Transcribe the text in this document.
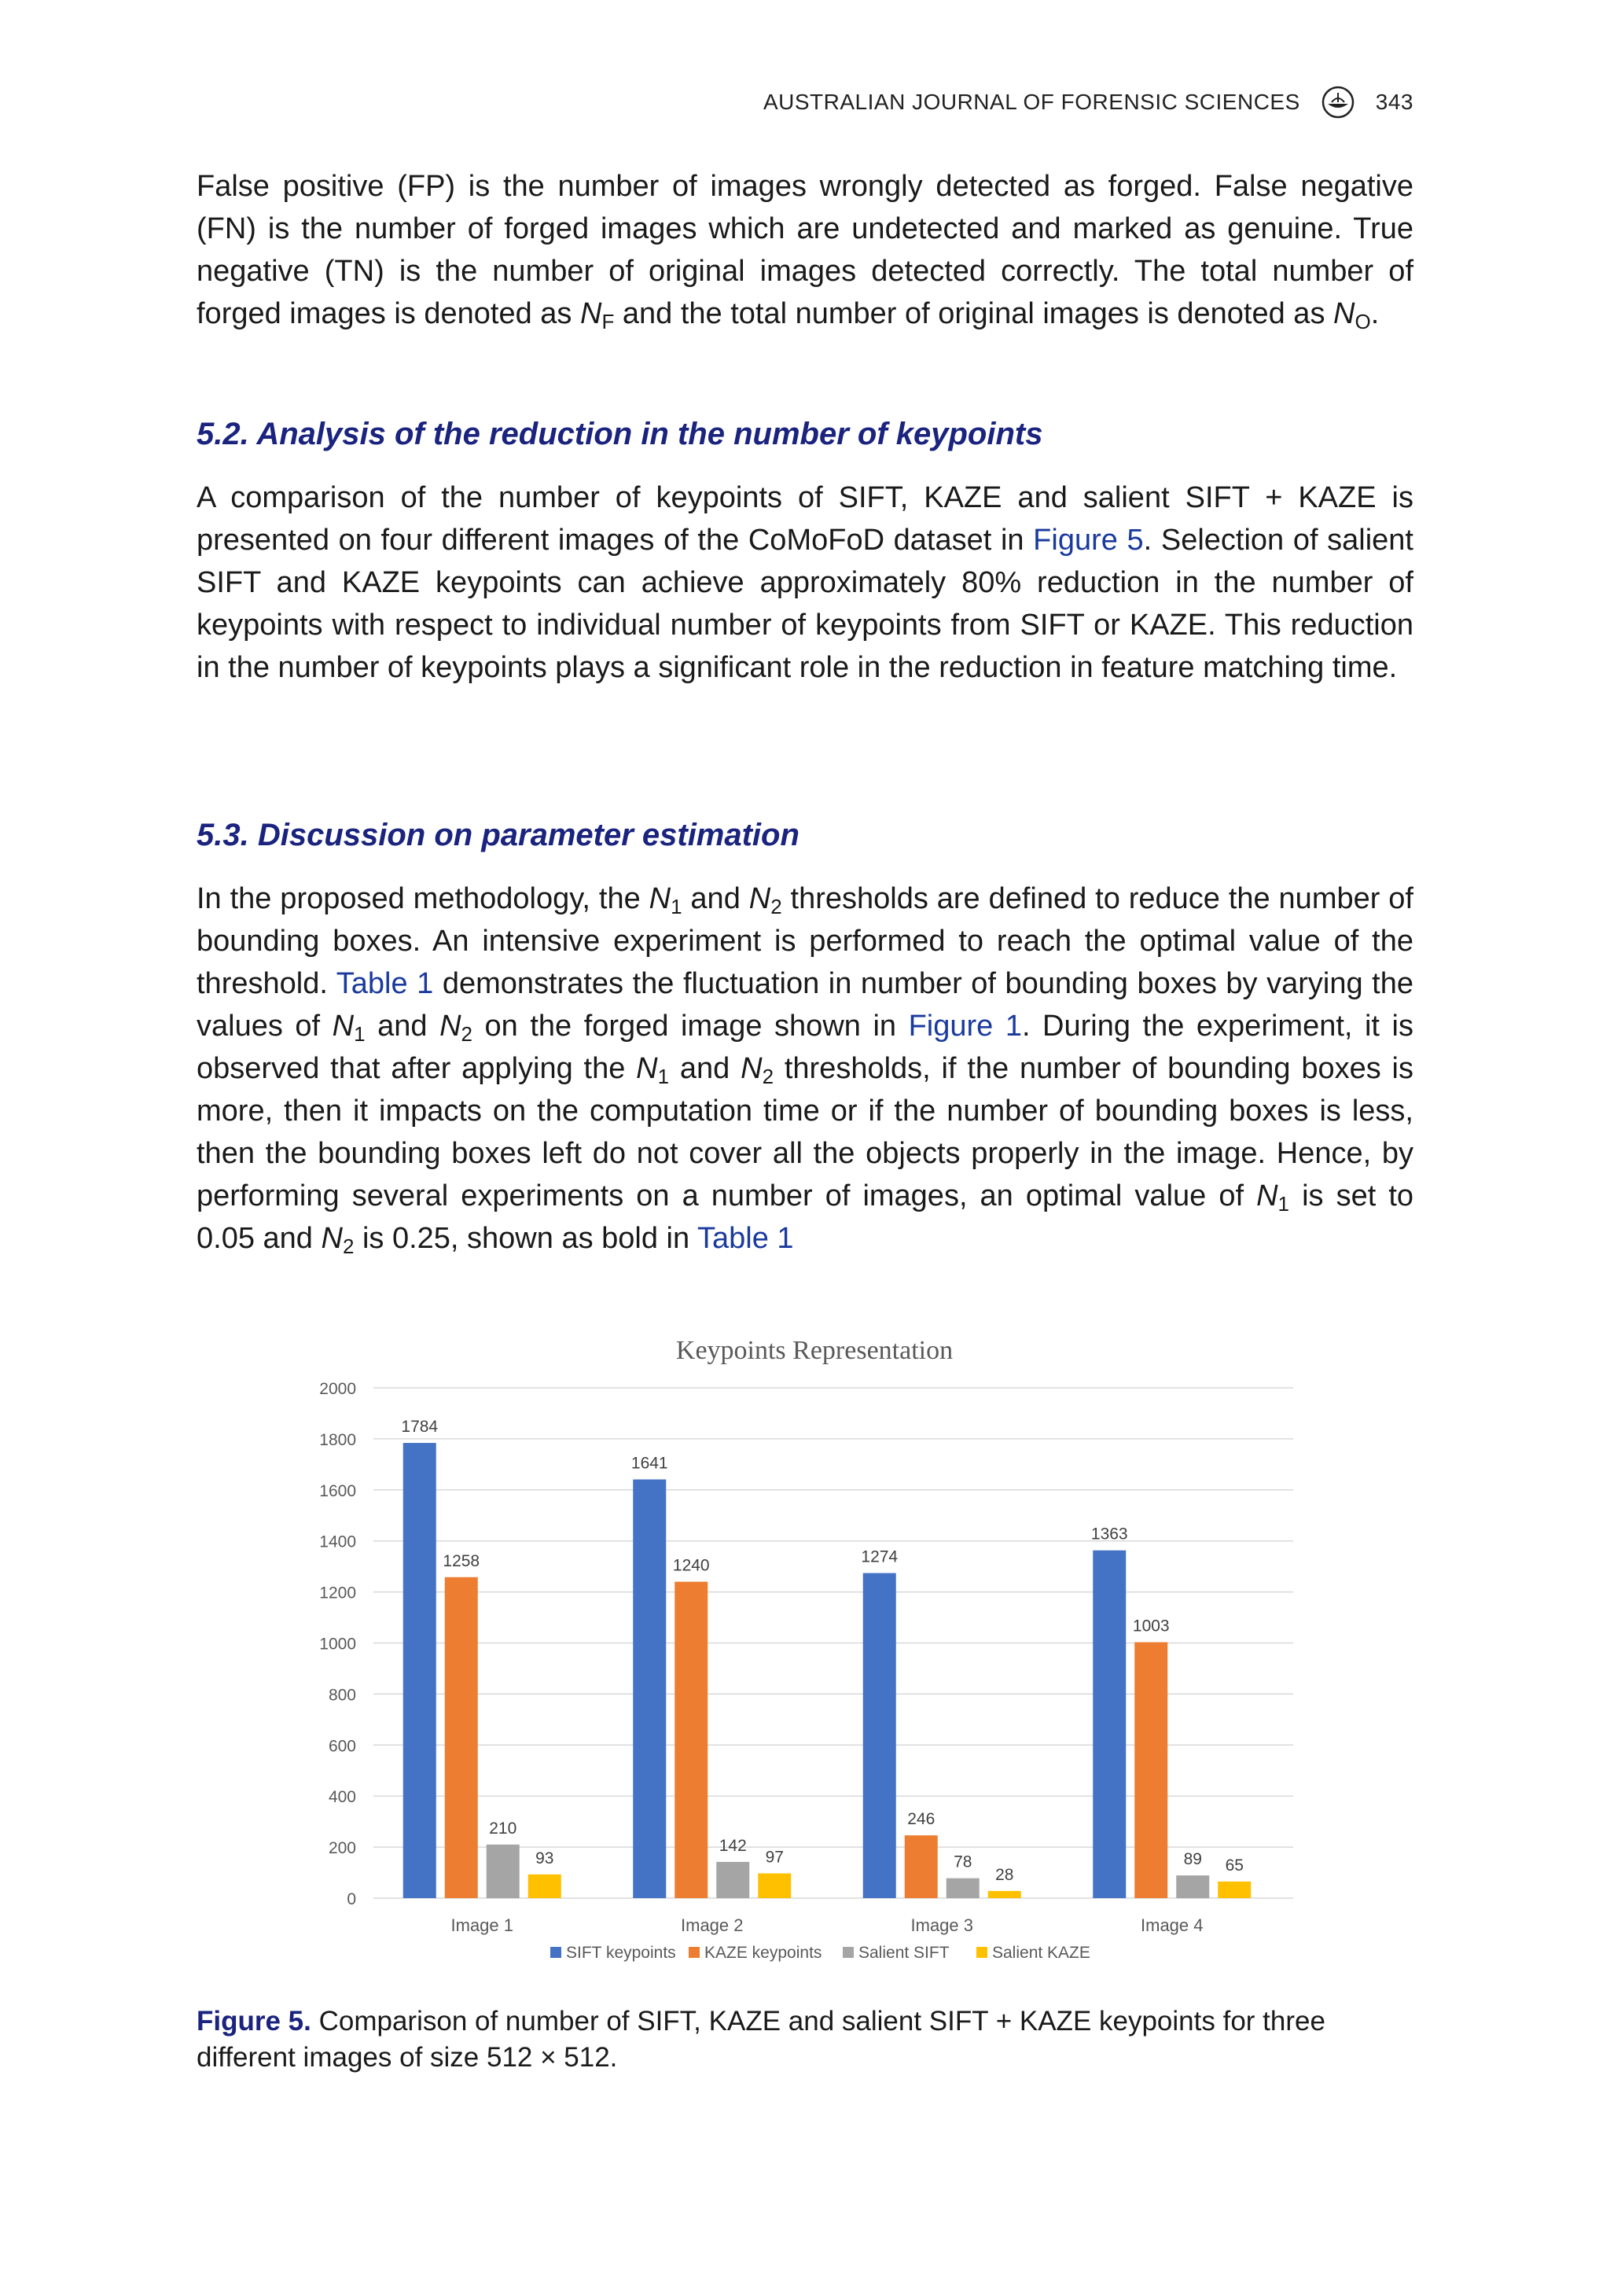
AUSTRALIAN JOURNAL OF FORENSIC SCIENCES	343

False positive (FP) is the number of images wrongly detected as forged. False negative (FN) is the number of forged images which are undetected and marked as genuine. True negative (TN) is the number of original images detected correctly. The total number of forged images is denoted as $N_F$ and the total number of original images is denoted as $N_O$.

5.2. Analysis of the reduction in the number of keypoints

A comparison of the number of keypoints of SIFT, KAZE and salient SIFT + KAZE is presented on four different images of the CoMoFoD dataset in Figure 5. Selection of salient SIFT and KAZE keypoints can achieve approximately 80% reduction in the number of keypoints with respect to individual number of keypoints from SIFT or KAZE. This reduction in the number of keypoints plays a significant role in the reduction in feature matching time.

5.3. Discussion on parameter estimation

In the proposed methodology, the $N_1$ and $N_2$ thresholds are defined to reduce the number of bounding boxes. An intensive experiment is performed to reach the optimal value of the threshold. Table 1 demonstrates the fluctuation in number of bounding boxes by varying the values of $N_1$ and $N_2$ on the forged image shown in Figure 1. During the experiment, it is observed that after applying the $N_1$ and $N_2$ thresholds, if the number of bounding boxes is more, then it impacts on the computation time or if the number of bounding boxes is less, then the bounding boxes left do not cover all the objects properly in the image. Hence, by performing several experiments on a number of images, an optimal value of $N_1$ is set to 0.05 and $N_2$ is 0.25, shown as bold in Table 1

Keypoints Representation
0
200
400
600
800
1000
1200
1400
1600
1800
2000
1784
1258
210
93
1641
1240
142
97
1274
246
78
28
1363
1003
89 65
Image 1	Image 2	Image 3	Image 4
SIFT keypoints KAZE keypoints Salient SIFT	Salient KAZE
Figure 5. Comparison of number of SIFT, KAZE and salient SIFT + KAZE keypoints for three different images of size 512 × 512.
